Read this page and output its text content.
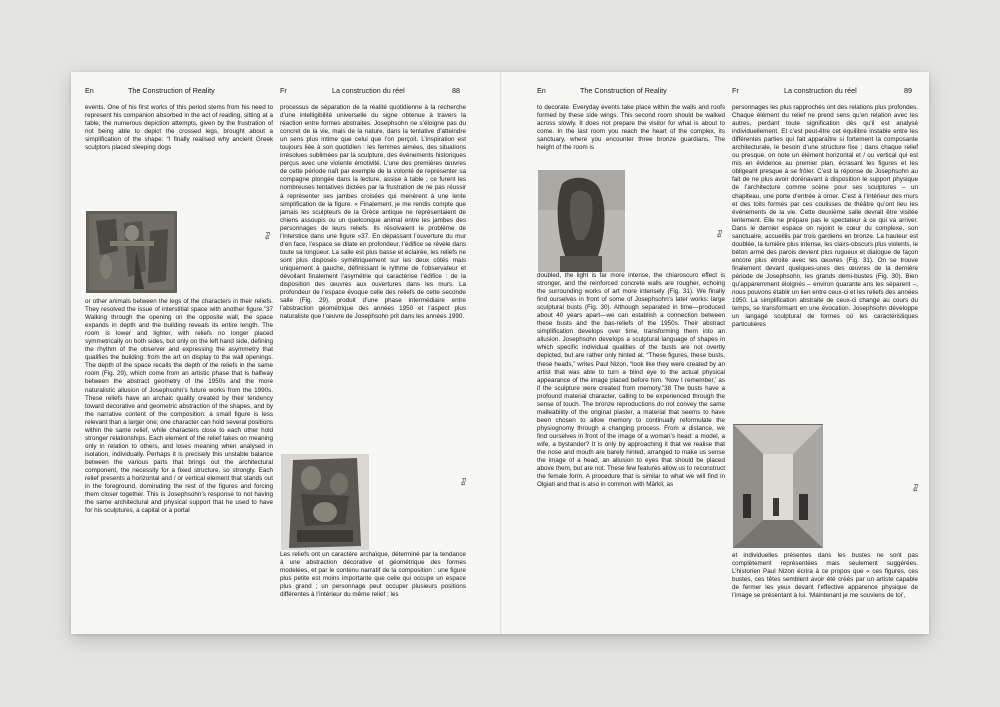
En	The Construction of Reality	Fr	La construction du réel	88	En	The Construction of Reality	Fr	La construction du réel	89
events. One of his first works of this period stems from his need to represent his companion absorbed in the act of reading, sitting at a table; the numerous depiction attempts, given by the frustration of not being able to depict the crossed legs, brought about a simplification of the shape: “I finally realised why ancient Greek sculptors placed sleeping dogs
Fig.
or other animals between the legs of the characters in their reliefs. They resolved the issue of interstitial space with another figure.”37 Walking through the opening on the opposite wall, the space expands in depth and the building reveals its entire length. The room is lower and lighter, with reliefs no longer placed symmetrically on both sides, but only on the left hand side, defining the rhythm of the observer and expressing the asymmetry that qualifies the building: from the art on display to the wall openings. The depth of the space recalls the depth of the reliefs in the same room (Fig. 29), which come from an artistic phase that is halfway between the abstract geometry of the 1950s and the more naturalistic allusion of Josephsohn’s future works from the 1990s. These reliefs have an archaic quality created by their tendency toward decorative and geometric abstraction of the shapes, and by the narrative content of the composition: a small figure is less relevant than a larger one; one character can hold several positions within the same relief, while characters close to each other hold stronger relationships. Each element of the relief takes on meaning only in relation to others, and loses meaning when analysed in isolation, individually. Perhaps it is precisely this unstable balance between the various parts that brings out the architectural component, the necessity for a fixed structure, so strongly. Each relief presents a horizontal and / or vertical element that stands out in the foreground, dominating the rest of the figures and forcing them closer together. This is Josephsohn’s response to not having the same architectural and physical support that he used to have for his sculptures, a capital or a portal
processus de séparation de la réalité quotidienne à la recherche d’une intelligibilité universelle du signe obtenue à travers la réaction entre formes abstraites. Josephsohn ne s’éloigne pas du concret de la vie, mais de la nature, dans la tentative d’atteindre un sens plus intime que celui que l’on perçoit. L’inspiration est toujours liée à son quotidien : les femmes aimées, des situations irrésolues sublimées par la sculpture, des événements historiques perçus avec une violente émotivité. L’une des premières œuvres de cette période naît par exemple de la volonté de représenter sa compagne plongée dans la lecture, assise à table ; ce furent les nombreuses tentatives dictées par la frustration de ne pas réussir à représenter ses jambes croisées qui menèrent à une lente simplification de la figure. « Finalement, je me rendis compte que jamais les sculpteurs de la Grèce antique ne représentaient de chiens assoupis ou un quelconque animal entre les jambes des personnages de leurs reliefs. Ils résolvaient le problème de l’interstice dans une figure »37. En dépassant l’ouverture du mur d’en face, l’espace se dilate en profondeur, l’édifice se révèle dans toute sa longueur. La salle est plus basse et éclairée, les reliefs ne sont plus disposés symétriquement sur les deux côtés mais uniquement à gauche, définissant le rythme de l’observateur et dévoilant finalement l’asymétrie qui caractérise l’édifice : de la disposition des œuvres aux ouvertures dans les murs. La profondeur de l’espace évoque celle des reliefs de cette seconde salle (Fig. 29), produit d’une phase intermédiaire entre l’abstraction géométrique des années 1950 et l’aspect plus naturaliste que l’œuvre de Josephsohn prit dans les années 1990.
Fig.
Les reliefs ont un caractère archaïque, déterminé par la tendance à une abstraction décorative et géométrique des formes modelées, et par le contenu narratif de la composition : une figure plus petite est moins importante que celle qui occupe un espace plus grand ; un personnage peut occuper plusieurs positions différentes à l’intérieur du même relief ; les
to decorate. Everyday events take place within the walls and roofs formed by these side wings. This second room should be walked across slowly. It does not prepare the visitor for what is about to come. In the last room you reach the heart of the complex, its sanctuary, where you encounter three bronze guardians. The height of the room is
Fig.
doubled, the light is far more intense, the chiaroscuro effect is stronger, and the reinforced concrete walls are rougher, echoing the surrounding works of art more intensely (Fig. 31). We finally find ourselves in front of some of Josephsohn’s later works: large sculptural busts (Fig. 30). Although separated in time—produced about 40 years apart—we can establish a connection between these busts and the bas-reliefs of the 1950s. Their abstract simplification develops over time, transforming them into an allusion. Josephsohn develops a sculptural language of shapes in which specific individual qualities of the busts are not overtly depicted, but are rather only hinted at. “These figures, these busts, these heads,” writes Paul Nizon, “look like they were created by an artist that was able to turn a blind eye to the actual physical appearance of the image placed before him. ‘Now I remember,’ as if the sculpture were created from memory.”38 The busts have a profound material character, calling to be experienced through the sense of touch. The bronze reproductions do not convey the same malleability of the original plaster, a material that seems to have been chosen to allow memory to continually reformulate the physiognomy through a changing process. From a distance, we find ourselves in front of the image of a woman’s head: a model, a wife, a bystander? It is only by approaching it that we realise that the nose and mouth are barely hinted, arranged to make us sense the image of a head, an allusion to eyes that should be placed above them, but are not. These few features allow us to reconstruct the female form. A procedure that is similar to what we will find in Olgiati and that is also in common with Märkli, as
personnages les plus rapprochés ont des relations plus profondes. Chaque élément du relief ne prend sens qu’en relation avec les autres, perdant toute signification dès qu’il est analysé individuellement. Et c’est peut-être cet équilibre instable entre les différentes parties qui fait apparaître si fortement la composante architecturale, le besoin d’une structure fixe ; dans chaque relief ou presque, on note un élément horizontal et / ou vertical qui est mis en évidence au premier plan, écrasant les figures et les obligeant presque à se frôler. C’est la réponse de Josephsohn au fait de ne plus avoir dorénavant à disposition le support physique de l’architecture comme scène pour ses sculptures – un chapiteau, une porte d’entrée à orner. C’est à l’intérieur des murs et des toits formés par ces coulisses de théâtre qu’ont lieu les événements de la vie. Cette deuxième salle devrait être visitée lentement. Elle ne prépare pas le spectateur à ce qui va arriver. Dans le dernier espace on rejoint le cœur du complexe, son sanctuaire, accueillis par trois gardiens en bronze. La hauteur est doublée, la lumière plus intense, les clairs-obscurs plus violents, le béton armé des parois devient plus rugueux et dialogue de façon encore plus étroite avec les œuvres (Fig. 31). On se trouve finalement devant quelques-unes des œuvres de la dernière période de Josephsohn, les grands demi-bustes (Fig. 30). Bien qu’apparemment éloignés – environ quarante ans les séparent –, nous pouvons établir un lien entre ceux-ci et les reliefs des années 1950. La simplification abstraite de ceux-ci change au cours du temps, se transformant en une évocation. Josephsohn développe un langage sculptural de formes où les caractéristiques particulières
Fig.
et individuelles présentes dans les bustes ne sont pas complètement représentées mais seulement suggérées. L’historien Paul Nizon écrira à ce propos que « ces figures, ces bustes, ces têtes semblent avoir été créés par un artiste capable de fermer les yeux devant l’effective apparence physique de l’image se présentant à lui. ‘Maintenant je me souviens de toi’,
